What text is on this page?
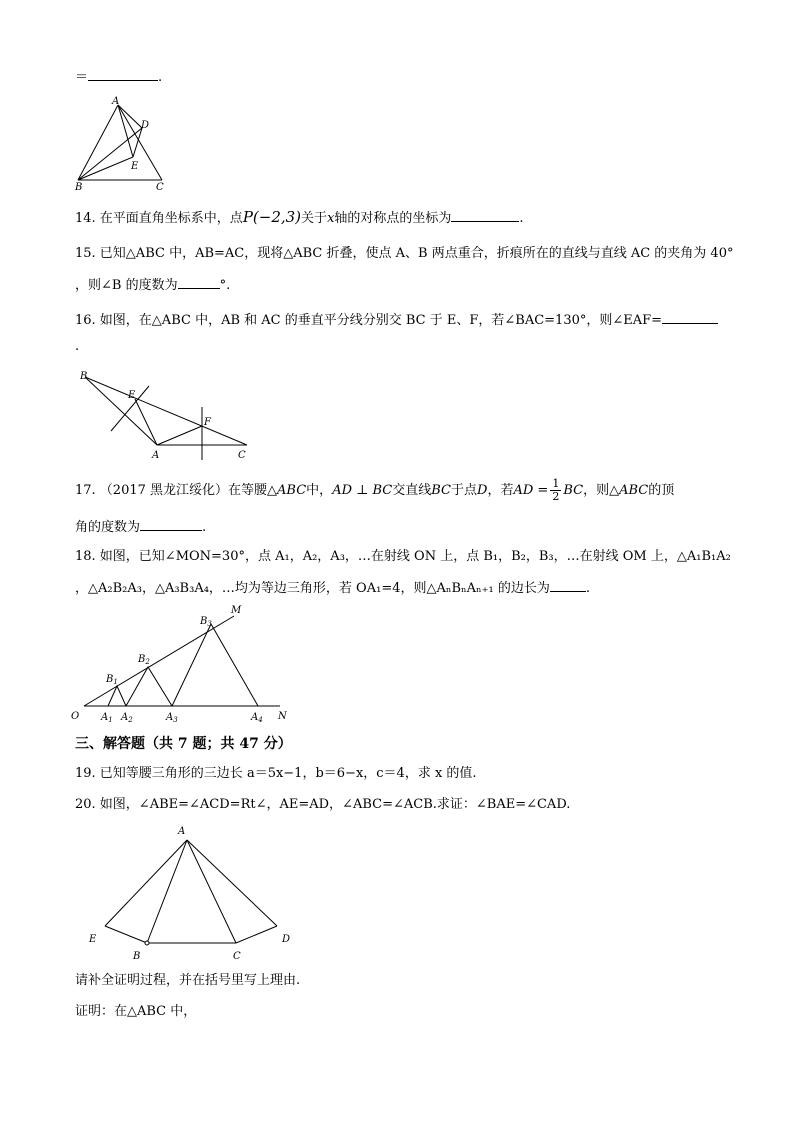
＝	.
A
D
E
B	C
14. 在平面直角坐标系中，点P(−2,3)关于x轴的对称点的坐标为	.
15. 已知△ABC 中，AB=AC，现将△ABC 折叠，使点 A、B 两点重合，折痕所在的直线与直线 AC 的夹角为 40°
，则∠B 的度数为	°.
16. 如图，在△ABC 中，AB 和 AC 的垂直平分线分别交 BC 于 E、F，若∠BAC=130°，则∠EAF=
.
B
E
F
A	C
17. （2017 黑龙江绥化）在等腰△ABC中，AD ⊥ BC交直线BC于点D，若AD = $\frac{1}{2}$ BC，则△ABC的顶
角的度数为	.
18. 如图，已知∠MON=30°，点 A₁，A₂，A₃，…在射线 ON 上，点 B₁，B₂，B₃，…在射线 OM 上，△A₁B₁A₂
，△A₂B₂A₃，△A₃B₃A₄，…均为等边三角形，若 OA₁=4，则△AₙBₙAₙ₊₁ 的边长为	.
O	N
M
$A_1$ $A_2$	$A_3$	$A_4$
$B_1$
$B_2$
$B_3$
三、解答题（共 7 题；共 47 分）
19. 已知等腰三角形的三边长 a＝5x−1，b＝6−x，c＝4，求 x 的值.
20. 如图，∠ABE=∠ACD=Rt∠，AE=AD，∠ABC=∠ACB.求证：∠BAE=∠CAD.
A
E	D
B	C
请补全证明过程，并在括号里写上理由.
证明：在△ABC 中，
